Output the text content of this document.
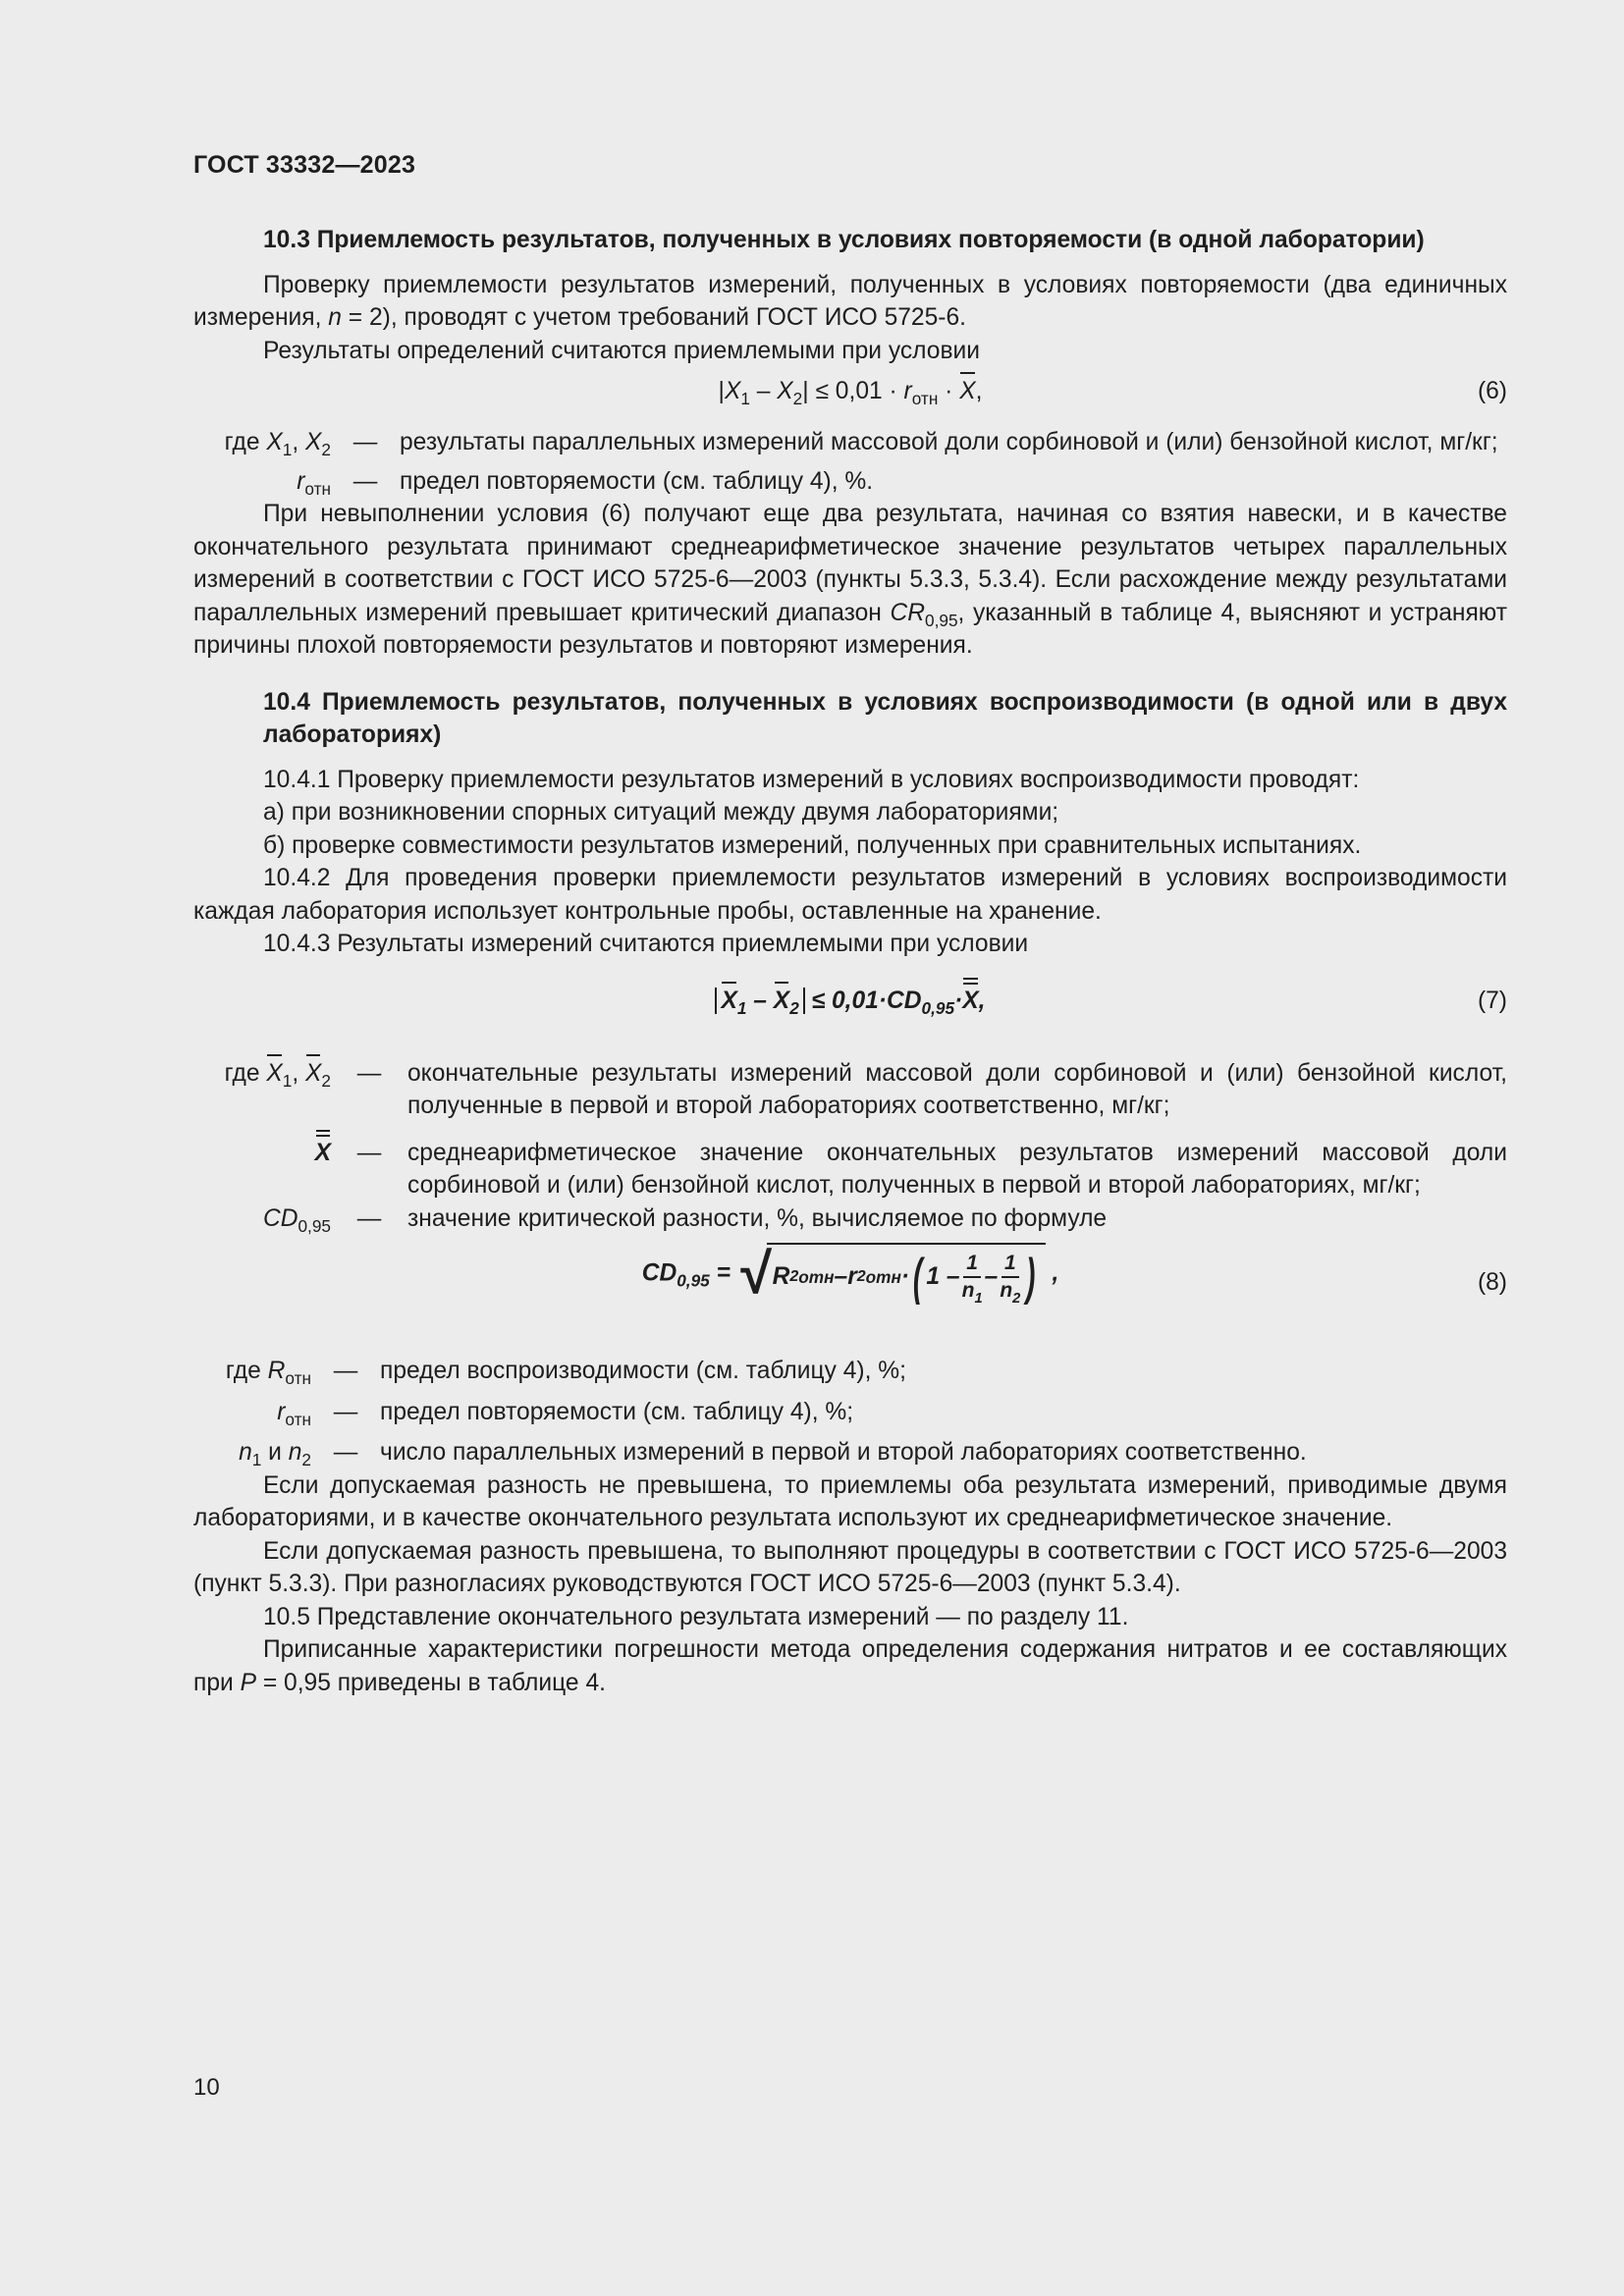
ГОСТ 33332—2023

10.3 Приемлемость результатов, полученных в условиях повторяемости (в одной лаборатории)

Проверку приемлемости результатов измерений, полученных в условиях повторяемости (два единичных измерения, n = 2), проводят с учетом требований ГОСТ ИСО 5725-6.

Результаты определений считаются приемлемыми при условии

$|X_1 - X_2| \le 0,01 \cdot r_{отн} \cdot X$,	(6)
где $X_1$, $X_2$ — результаты параллельных измерений массовой доли сорбиновой и (или) бензойной кислот, мг/кг;
$r_{отн}$ — предел повторяемости (см. таблицу 4), %.

При невыполнении условия (6) получают еще два результата, начиная со взятия навески, и в качестве окончательного результата принимают среднеарифметическое значение результатов четырех параллельных измерений в соответствии с ГОСТ ИСО 5725-6—2003 (пункты 5.3.3, 5.3.4). Если расхождение между результатами параллельных измерений превышает критический диапазон $CR_{0,95}$, указанный в таблице 4, выясняют и устраняют причины плохой повторяемости результатов и повторяют измерения.

10.4 Приемлемость результатов, полученных в условиях воспроизводимости (в одной или в двух лабораториях)

10.4.1 Проверку приемлемости результатов измерений в условиях воспроизводимости проводят:

а) при возникновении спорных ситуаций между двумя лабораториями;

б) проверке совместимости результатов измерений, полученных при сравнительных испытаниях.

10.4.2 Для проведения проверки приемлемости результатов измерений в условиях воспроизводимости каждая лаборатория использует контрольные пробы, оставленные на хранение.

10.4.3 Результаты измерений считаются приемлемыми при условии

$X_1 - X_2 \le 0,01\cdot CD_{0,95}\cdot X$,	(7)
где $X_1$, $X_2$	—	окончательные результаты измерений массовой доли сорбиновой и (или) бензойной кислот, полученные в первой и второй лабораториях соответственно, мг/кг;
X	—	среднеарифметическое значение окончательных результатов измерений массовой доли сорбиновой и (или) бензойной кислот, полученных в первой и второй лабораториях, мг/кг;
$CD_{0,95}$	—	значение критической разности, %, вычисляемое по формуле
$CD_{0,95}$ = √ R 2 отн – r 2 отн · ( $1 - \frac{1}{n_1} - \frac{1}{n_2}$ ) ,	(8)
где $R_{отн}$ — предел воспроизводимости (см. таблицу 4), %;
$r_{отн}$ — предел повторяемости (см. таблицу 4), %;
$n_1$ и $n_2$ — число параллельных измерений в первой и второй лабораториях соответственно.

Если допускаемая разность не превышена, то приемлемы оба результата измерений, приводимые двумя лабораториями, и в качестве окончательного результата используют их среднеарифметическое значение.

Если допускаемая разность превышена, то выполняют процедуры в соответствии с ГОСТ ИСО 5725-6—2003 (пункт 5.3.3). При разногласиях руководствуются ГОСТ ИСО 5725-6—2003 (пункт 5.3.4).

10.5 Представление окончательного результата измерений — по разделу 11.

Приписанные характеристики погрешности метода определения содержания нитратов и ее составляющих при P = 0,95 приведены в таблице 4.

10
